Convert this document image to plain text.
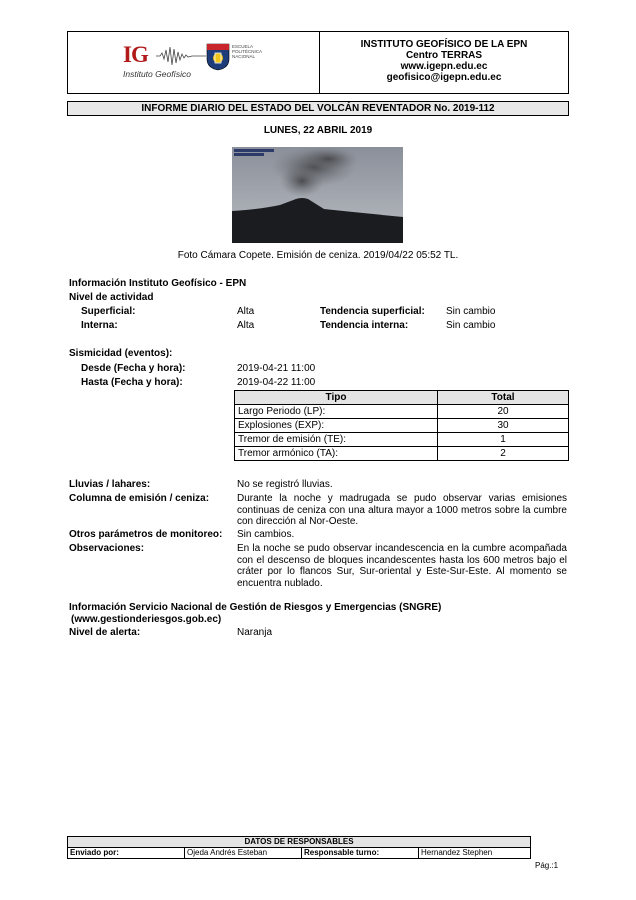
IG
Instituto Geofísico
ESCUELA
POLITÉCNICA
NACIONAL
INSTITUTO GEOFÍSICO DE LA EPN
Centro TERRAS
www.igepn.edu.ec
geofisico@igepn.edu.ec
INFORME DIARIO DEL ESTADO DEL VOLCÁN REVENTADOR No. 2019-112
LUNES, 22 ABRIL 2019
Foto Cámara Copete. Emisión de ceniza. 2019/04/22 05:52 TL.
Información Instituto Geofísico - EPN
Nivel de actividad
Superficial:	Alta	Tendencia superficial: Sin cambio
Interna:	Alta	Tendencia interna:	Sin cambio
Sismicidad (eventos):
Desde (Fecha y hora):	2019-04-21 11:00
Hasta (Fecha y hora):	2019-04-22 11:00
Tipo	Total
Largo Periodo (LP):	20
Explosiones (EXP):	30
Tremor de emisión (TE):	1
Tremor armónico (TA):	2
Lluvias / lahares:	No se registró lluvias.
Columna de emisión / ceniza:	Durante la noche y madrugada se pudo observar varias emisiones continuas de ceniza con una altura mayor a 1000 metros sobre la cumbre con dirección al Nor-Oeste.
Otros parámetros de monitoreo: Sin cambios.
Observaciones:	En la noche se pudo observar incandescencia en la cumbre acompañada con el descenso de bloques incandescentes hasta los 600 metros bajo el cráter por lo flancos Sur, Sur-oriental y Este-Sur-Este. Al momento se encuentra nublado.
Información Servicio Nacional de Gestión de Riesgos y Emergencias (SNGRE)
(www.gestionderiesgos.gob.ec)
Nivel de alerta:	Naranja
DATOS DE RESPONSABLES
Enviado por:	Ojeda Andrés Esteban	Responsable turno:	Hernandez Stephen
Pág.:1
